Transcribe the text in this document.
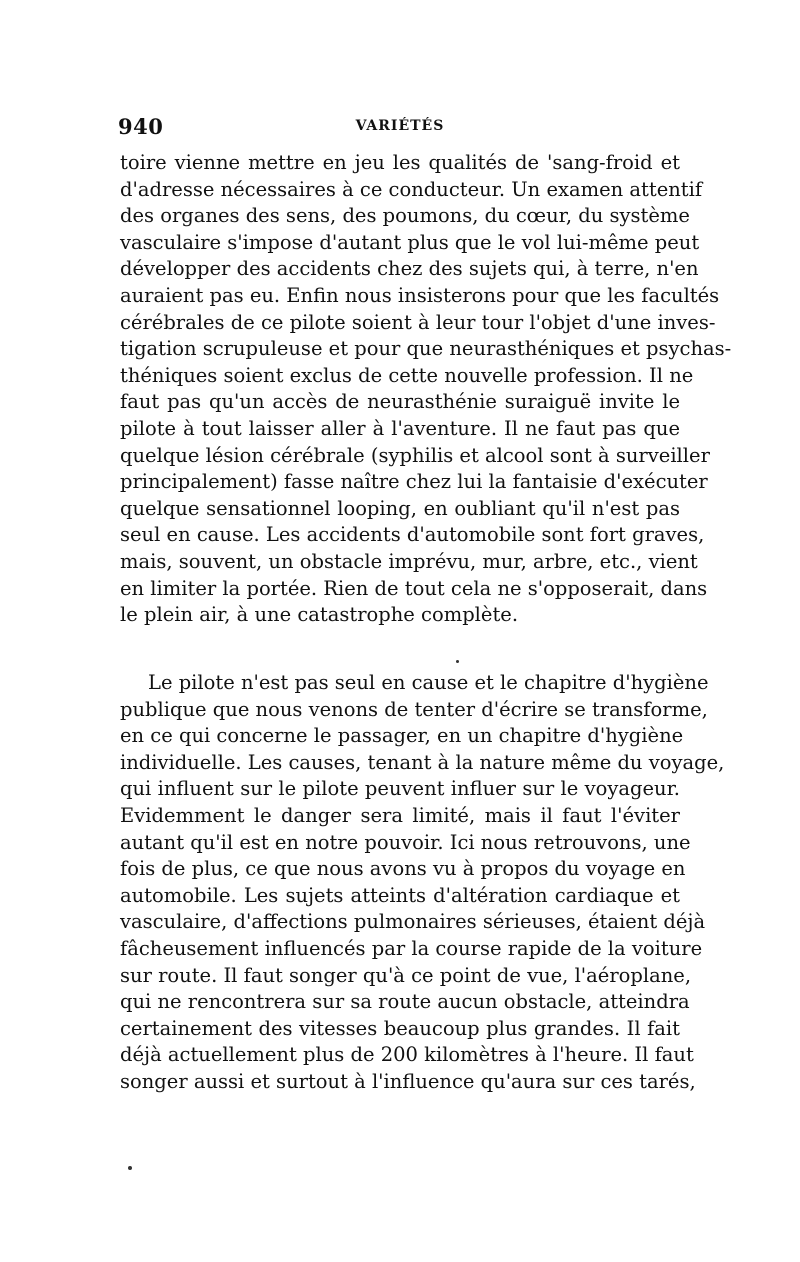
940	VARIÉTÉS
toire vienne mettre en jeu les qualités de 'sang-froid et
d'adresse nécessaires à ce conducteur. Un examen attentif
des organes des sens, des poumons, du cœur, du système
vasculaire s'impose d'autant plus que le vol lui-même peut
développer des accidents chez des sujets qui, à terre, n'en
auraient pas eu. Enfin nous insisterons pour que les facultés
cérébrales de ce pilote soient à leur tour l'objet d'une inves-
tigation scrupuleuse et pour que neurasthéniques et psychas-
théniques soient exclus de cette nouvelle profession. Il ne
faut pas qu'un accès de neurasthénie suraiguë invite le
pilote à tout laisser aller à l'aventure. Il ne faut pas que
quelque lésion cérébrale (syphilis et alcool sont à surveiller
principalement) fasse naître chez lui la fantaisie d'exécuter
quelque sensationnel looping, en oubliant qu'il n'est pas
seul en cause. Les accidents d'automobile sont fort graves,
mais, souvent, un obstacle imprévu, mur, arbre, etc., vient
en limiter la portée. Rien de tout cela ne s'opposerait, dans
le plein air, à une catastrophe complète.
Le pilote n'est pas seul en cause et le chapitre d'hygiène
publique que nous venons de tenter d'écrire se transforme,
en ce qui concerne le passager, en un chapitre d'hygiène
individuelle. Les causes, tenant à la nature même du voyage,
qui influent sur le pilote peuvent influer sur le voyageur.
Evidemment le danger sera limité, mais il faut l'éviter
autant qu'il est en notre pouvoir. Ici nous retrouvons, une
fois de plus, ce que nous avons vu à propos du voyage en
automobile. Les sujets atteints d'altération cardiaque et
vasculaire, d'affections pulmonaires sérieuses, étaient déjà
fâcheusement influencés par la course rapide de la voiture
sur route. Il faut songer qu'à ce point de vue, l'aéroplane,
qui ne rencontrera sur sa route aucun obstacle, atteindra
certainement des vitesses beaucoup plus grandes. Il fait
déjà actuellement plus de 200 kilomètres à l'heure. Il faut
songer aussi et surtout à l'influence qu'aura sur ces tarés,
